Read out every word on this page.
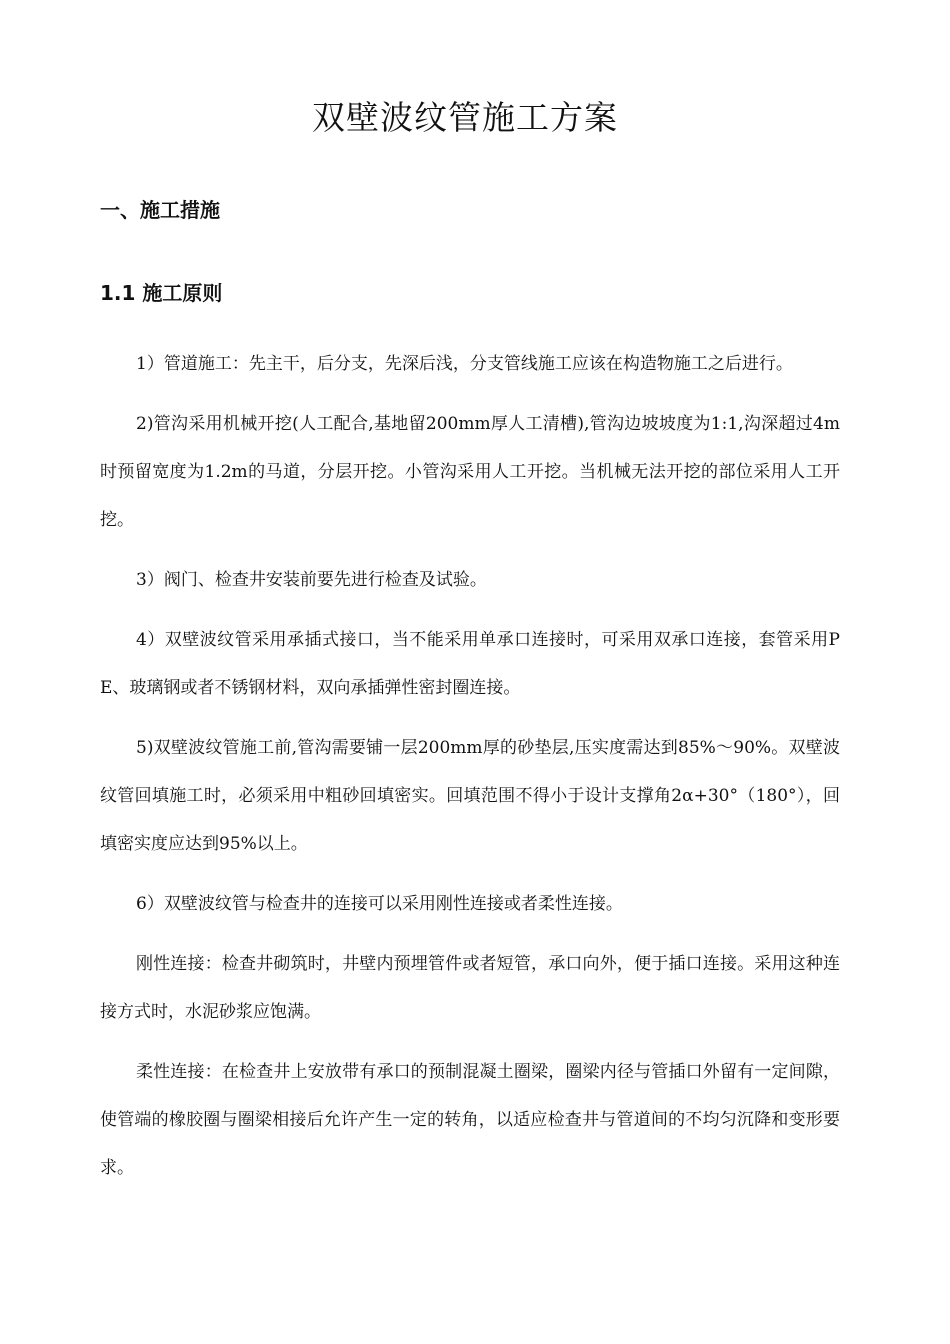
双壁波纹管施工方案
一、施工措施
1.1 施工原则

1）管道施工：先主干，后分支，先深后浅，分支管线施工应该在构造物施工之后进行。

2)管沟采用机械开挖(人工配合,基地留200mm厚人工清槽),管沟边坡坡度为1:1,沟深超过4m时预留宽度为1.2m的马道，分层开挖。小管沟采用人工开挖。当机械无法开挖的部位采用人工开挖。

3）阀门、检查井安装前要先进行检查及试验。

4）双壁波纹管采用承插式接口，当不能采用单承口连接时，可采用双承口连接，套管采用PE、玻璃钢或者不锈钢材料，双向承插弹性密封圈连接。

5)双壁波纹管施工前,管沟需要铺一层200mm厚的砂垫层,压实度需达到85%～90%。双壁波纹管回填施工时，必须采用中粗砂回填密实。回填范围不得小于设计支撑角2α+30°（180°），回填密实度应达到95%以上。

6）双壁波纹管与检查井的连接可以采用刚性连接或者柔性连接。

刚性连接：检查井砌筑时，井壁内预埋管件或者短管，承口向外，便于插口连接。采用这种连接方式时，水泥砂浆应饱满。

柔性连接：在检查井上安放带有承口的预制混凝土圈梁，圈梁内径与管插口外留有一定间隙，使管端的橡胶圈与圈梁相接后允许产生一定的转角，以适应检查井与管道间的不均匀沉降和变形要求。
